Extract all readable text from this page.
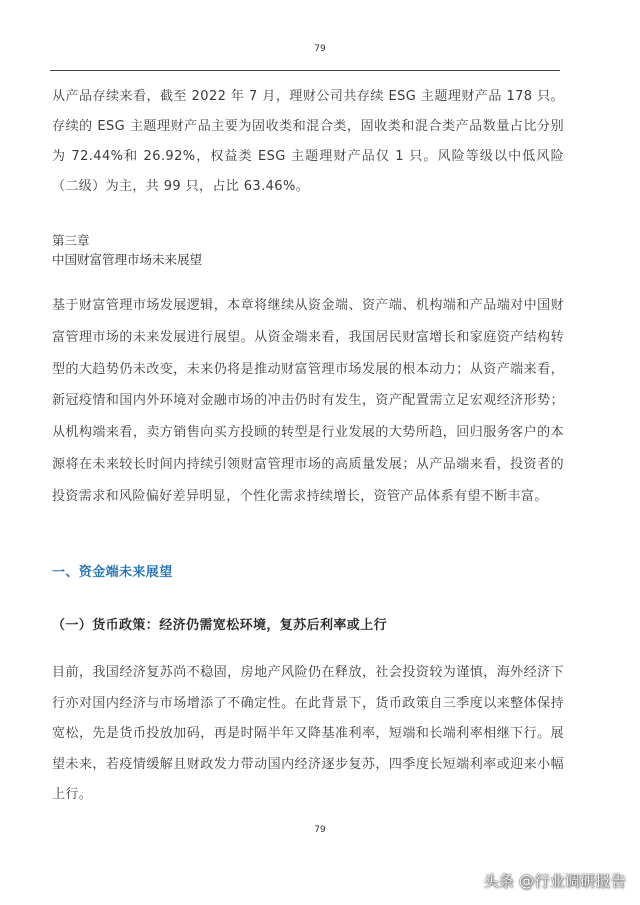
79

从产品存续来看，截至 2022 年 7 月，理财公司共存续 ESG 主题理财产品 178 只。存续的 ESG 主题理财产品主要为固收类和混合类，固收类和混合类产品数量占比分别为 72.44%和 26.92%，权益类 ESG 主题理财产品仅 1 只。风险等级以中低风险（二级）为主，共 99 只，占比 63.46%。

第三章
中国财富管理市场未来展望

基于财富管理市场发展逻辑，本章将继续从资金端、资产端、机构端和产品端对中国财富管理市场的未来发展进行展望。从资金端来看，我国居民财富增长和家庭资产结构转型的大趋势仍未改变，未来仍将是推动财富管理市场发展的根本动力；从资产端来看，新冠疫情和国内外环境对金融市场的冲击仍时有发生，资产配置需立足宏观经济形势；从机构端来看，卖方销售向买方投顾的转型是行业发展的大势所趋，回归服务客户的本源将在未来较长时间内持续引领财富管理市场的高质量发展；从产品端来看，投资者的投资需求和风险偏好差异明显，个性化需求持续增长，资管产品体系有望不断丰富。

一、资金端未来展望
（一）货币政策：经济仍需宽松环境，复苏后利率或上行

目前，我国经济复苏尚不稳固，房地产风险仍在释放，社会投资较为谨慎，海外经济下行亦对国内经济与市场增添了不确定性。在此背景下，货币政策自三季度以来整体保持宽松，先是货币投放加码，再是时隔半年又降基准利率，短端和长端利率相继下行。展望未来，若疫情缓解且财政发力带动国内经济逐步复苏，四季度长短端利率或迎来小幅上行。

79
头条 @行业调研报告
